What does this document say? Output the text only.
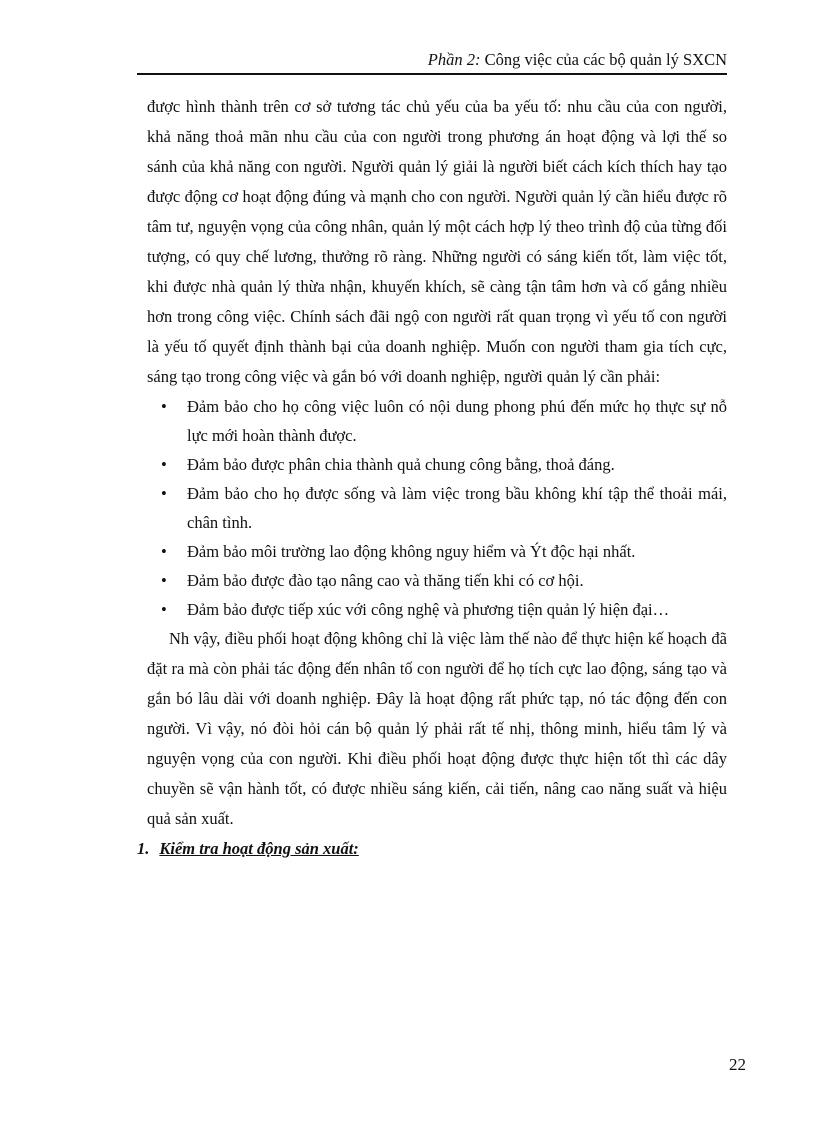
Phần 2: Công việc của các bộ quản lý SXCN

được hình thành trên cơ sở tương tác chủ yếu của ba yếu tố: nhu cầu của con người, khả năng thoả mãn nhu cầu của con người trong phương án hoạt động và lợi thế so sánh của khả năng con người. Người quản lý giải là người biết cách kích thích hay tạo được động cơ hoạt động đúng và mạnh cho con người. Người quản lý cần hiểu được rõ tâm tư, nguyện vọng của công nhân, quản lý một cách hợp lý theo trình độ của từng đối tượng, có quy chế lương, thưởng rõ ràng. Những người có sáng kiến tốt, làm việc tốt, khi được nhà quản lý thừa nhận, khuyến khích, sẽ càng tận tâm hơn và cố gắng nhiều hơn trong công việc. Chính sách đãi ngộ con người rất quan trọng vì yếu tố con người là yếu tố quyết định thành bại của doanh nghiệp. Muốn con người tham gia tích cực, sáng tạo trong công việc và gắn bó với doanh nghiệp, người quản lý cần phải:

• Đảm bảo cho họ công việc luôn có nội dung phong phú đến mức họ thực sự nỗ lực mới hoàn thành được.
• Đảm bảo được phân chia thành quả chung công bằng, thoả đáng.
• Đảm bảo cho họ được sống và làm việc trong bầu không khí tập thể thoải mái, chân tình.
• Đảm bảo môi trường lao động không nguy hiểm và Ýt độc hại nhất.
• Đảm bảo được đào tạo nâng cao và thăng tiến khi có cơ hội.
• Đảm bảo được tiếp xúc với công nghệ và phương tiện quản lý hiện đại…

Nh vậy, điều phối hoạt động không chỉ là việc làm thế nào để thực hiện kế hoạch đã đặt ra mà còn phải tác động đến nhân tố con người để họ tích cực lao động, sáng tạo và gắn bó lâu dài với doanh nghiệp. Đây là hoạt động rất phức tạp, nó tác động đến con người. Vì vậy, nó đòi hỏi cán bộ quản lý phải rất tế nhị, thông minh, hiểu tâm lý và nguyện vọng của con người. Khi điều phối hoạt động được thực hiện tốt thì các dây chuyền sẽ vận hành tốt, có được nhiều sáng kiến, cải tiến, nâng cao năng suất và hiệu quả sản xuất.

1. Kiểm tra hoạt động sản xuất:

22
